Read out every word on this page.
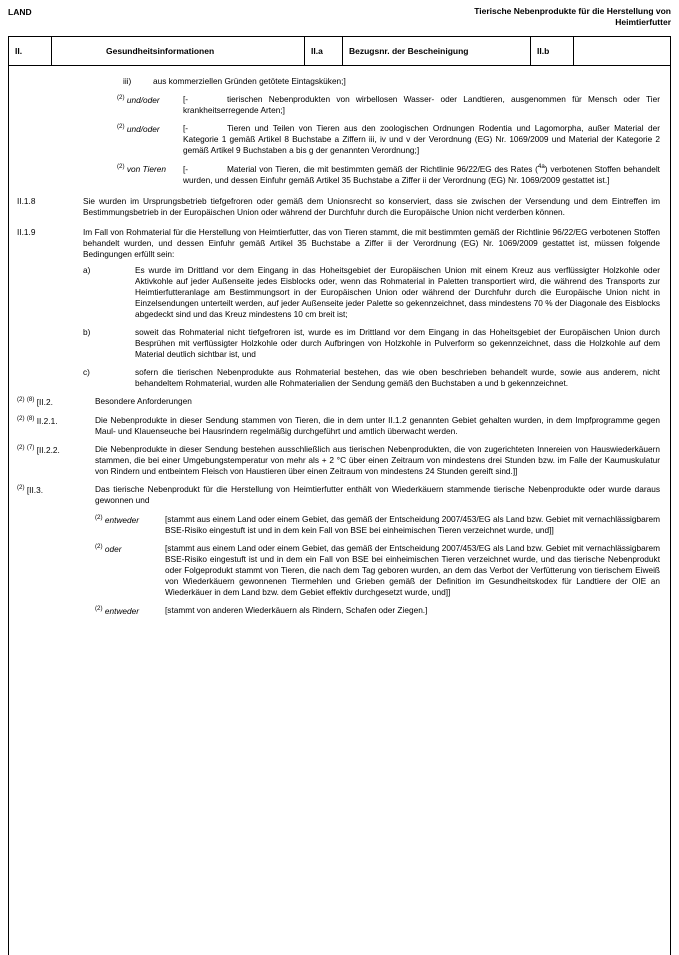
LAND	Tierische Nebenprodukte für die Herstellung von
Heimtierfutter
II.	Gesundheitsinformationen	II.a	Bezugsnr. der Bescheinigung	II.b	
iii)	aus kommerziellen Gründen getötete Eintagsküken;]
$^{(2)}$ und/oder	[-	tierischen Nebenprodukten von wirbellosen Wasser- oder Landtieren, ausgenommen für Mensch oder Tier krankheitserregende Arten;]
$^{(2)}$ und/oder	[-	Tieren und Teilen von Tieren aus den zoologischen Ordnungen Rodentia und Lagomorpha, außer Material der Kategorie 1 gemäß Artikel 8 Buchstabe a Ziffern iii, iv und v der Verordnung (EG) Nr. 1069/2009 und Material der Kategorie 2 gemäß Artikel 9 Buchstaben a bis g der genannten Verordnung;]
$^{(2)}$ von Tieren	[-	Material von Tieren, die mit bestimmten gemäß der Richtlinie 96/22/EG des Rates ($^{4a}$) verbotenen Stoffen behandelt wurden, und dessen Einfuhr gemäß Artikel 35 Buchstabe a Ziffer ii der Verordnung (EG) Nr. 1069/2009 gestattet ist.]
II.1.8	Sie wurden im Ursprungsbetrieb tiefgefroren oder gemäß dem Unionsrecht so konserviert, dass sie zwischen der Versendung und dem Eintreffen im Bestimmungsbetrieb in der Europäischen Union oder während der Durchfuhr durch die Europäische Union nicht verderben können.
II.1.9	Im Fall von Rohmaterial für die Herstellung von Heimtierfutter, das von Tieren stammt, die mit bestimmten gemäß der Richtlinie 96/22/EG verbotenen Stoffen behandelt wurden, und dessen Einfuhr gemäß Artikel 35 Buchstabe a Ziffer ii der Verordnung (EG) Nr. 1069/2009 gestattet ist, müssen folgende Bedingungen erfüllt sein:
a)	Es wurde im Drittland vor dem Eingang in das Hoheitsgebiet der Europäischen Union mit einem Kreuz aus verflüssigter Holzkohle oder Aktivkohle auf jeder Außenseite jedes Eisblocks oder, wenn das Rohmaterial in Paletten transportiert wird, die während des Transports zur Heimtierfutteranlage am Bestimmungsort in der Europäischen Union oder während der Durchfuhr durch die Europäische Union nicht in Einzelsendungen unterteilt werden, auf jeder Außenseite jeder Palette so gekennzeichnet, dass mindestens 70 % der Diagonale des Eisblocks abgedeckt sind und das Kreuz mindestens 10 cm breit ist;
b)	soweit das Rohmaterial nicht tiefgefroren ist, wurde es im Drittland vor dem Eingang in das Hoheitsgebiet der Europäischen Union durch Besprühen mit verflüssigter Holzkohle oder durch Aufbringen von Holzkohle in Pulverform so gekennzeichnet, dass die Holzkohle auf dem Material deutlich sichtbar ist, und
c)	sofern die tierischen Nebenprodukte aus Rohmaterial bestehen, das wie oben beschrieben behandelt wurde, sowie aus anderem, nicht behandeltem Rohmaterial, wurden alle Rohmaterialien der Sendung gemäß den Buchstaben a und b gekennzeichnet.
$^{(2)}$ $^{(8)}$ [II.2.	Besondere Anforderungen
$^{(2)}$ $^{(8)}$ II.2.1.	Die Nebenprodukte in dieser Sendung stammen von Tieren, die in dem unter II.1.2 genannten Gebiet gehalten wurden, in dem Impfprogramme gegen Maul- und Klauenseuche bei Hausrindern regelmäßig durchgeführt und amtlich überwacht werden.
$^{(2)}$ $^{(7)}$ [II.2.2.	Die Nebenprodukte in dieser Sendung bestehen ausschließlich aus tierischen Nebenprodukten, die von zugerichteten Innereien von Hauswiederkäuern stammen, die bei einer Umgebungstemperatur von mehr als + 2 °C über einen Zeitraum von mindestens drei Stunden bzw. im Falle der Kaumuskulatur von Rindern und entbeintem Fleisch von Haustieren über einen Zeitraum von mindestens 24 Stunden gereift sind.]]
$^{(2)}$ [II.3.	Das tierische Nebenprodukt für die Herstellung von Heimtierfutter enthält von Wiederkäuern stammende tierische Nebenprodukte oder wurde daraus gewonnen und
$^{(2)}$ entweder	[stammt aus einem Land oder einem Gebiet, das gemäß der Entscheidung 2007/453/EG als Land bzw. Gebiet mit vernachlässigbarem BSE-Risiko eingestuft ist und in dem kein Fall von BSE bei einheimischen Tieren verzeichnet wurde, und]]
$^{(2)}$ oder	[stammt aus einem Land oder einem Gebiet, das gemäß der Entscheidung 2007/453/EG als Land bzw. Gebiet mit vernachlässigbarem BSE-Risiko eingestuft ist und in dem ein Fall von BSE bei einheimischen Tieren verzeichnet wurde, und das tierische Nebenprodukt oder Folgeprodukt stammt von Tieren, die nach dem Tag geboren wurden, an dem das Verbot der Verfütterung von tierischem Eiweiß von Wiederkäuern gewonnenen Tiermehlen und Grieben gemäß der Definition im Gesundheitskodex für Landtiere der OIE an Wiederkäuer in dem Land bzw. dem Gebiet effektiv durchgesetzt wurde, und]]
$^{(2)}$ entweder	[stammt von anderen Wiederkäuern als Rindern, Schafen oder Ziegen.]
